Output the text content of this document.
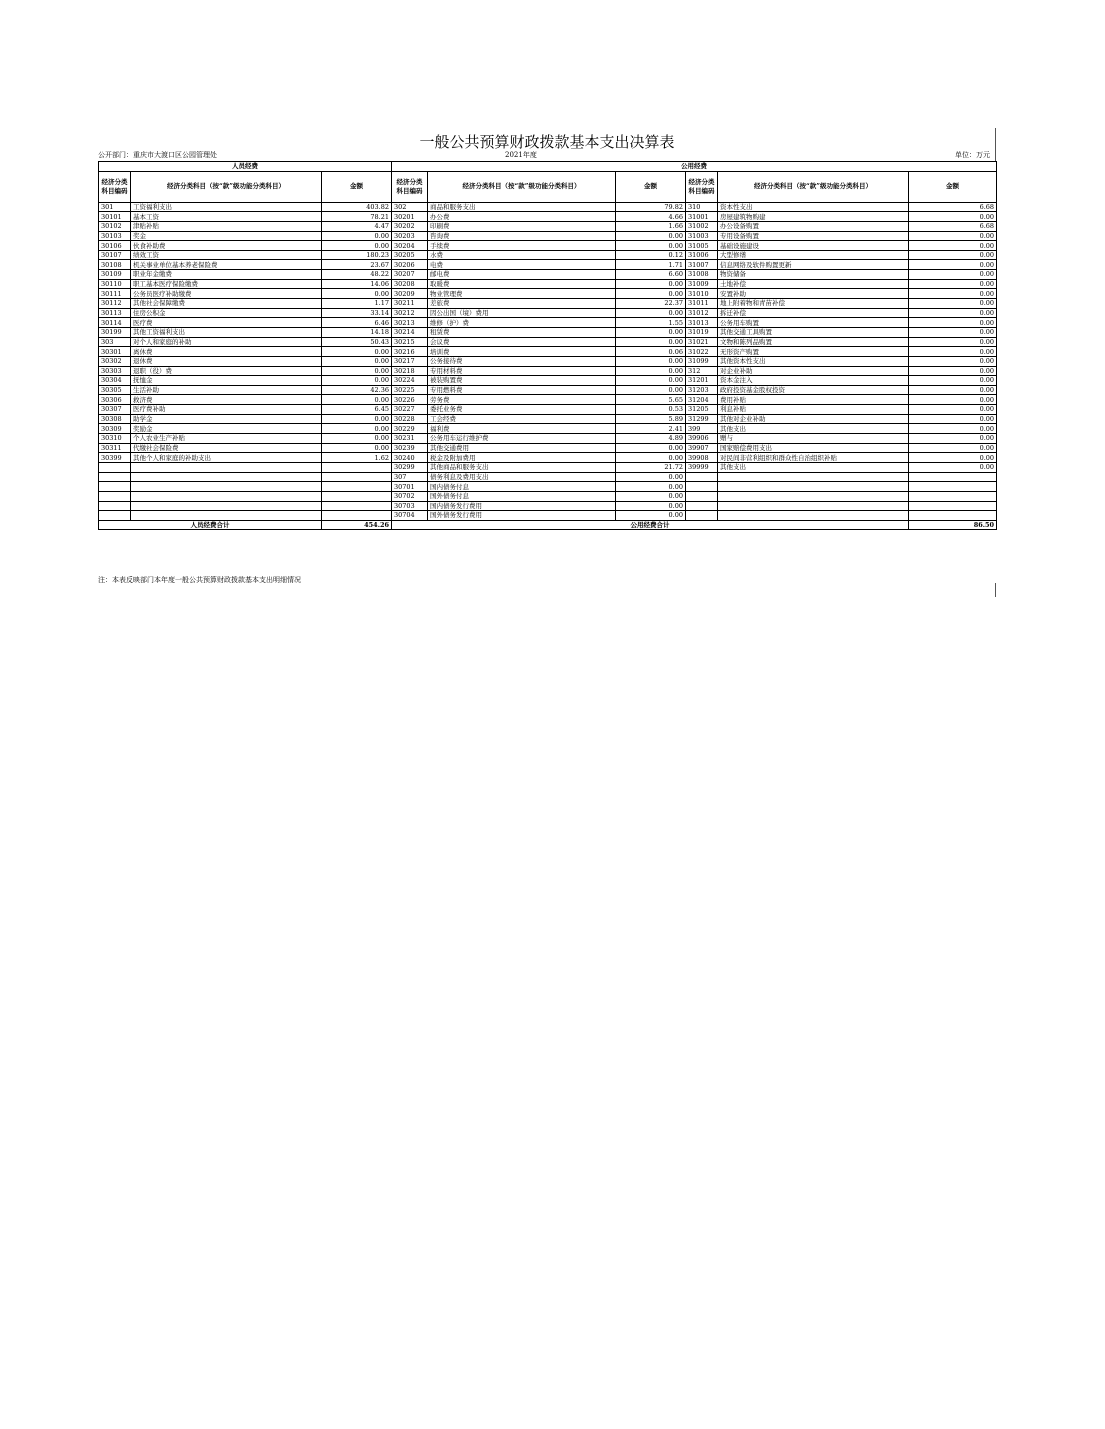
一般公共预算财政拨款基本支出决算表
公开部门：重庆市大渡口区公园管理处	2021年度	单位：万元
人员经费			公用经费					
经济分类科目编码	经济分类科目（按“款”级功能分类科目）	金额	经济分类科目编码	经济分类科目（按“款”级功能分类科目）	金额	经济分类科目编码	经济分类科目（按“款”级功能分类科目）	金额
301	工资福利支出	403.82	302	商品和服务支出	79.82	310	资本性支出	6.68
30101	基本工资	78.21	30201	办公费	4.66	31001	房屋建筑物购建	0.00
30102	津贴补贴	4.47	30202	印刷费	1.66	31002	办公设备购置	6.68
30103	奖金	0.00	30203	咨询费	0.00	31003	专用设备购置	0.00
30106	伙食补助费	0.00	30204	手续费	0.00	31005	基础设施建设	0.00
30107	绩效工资	180.23	30205	水费	0.12	31006	大型修缮	0.00
30108	机关事业单位基本养老保险费	23.67	30206	电费	1.71	31007	信息网络及软件购置更新	0.00
30109	职业年金缴费	48.22	30207	邮电费	6.60	31008	物资储备	0.00
30110	职工基本医疗保险缴费	14.06	30208	取暖费	0.00	31009	土地补偿	0.00
30111	公务员医疗补助缴费	0.00	30209	物业管理费	0.00	31010	安置补助	0.00
30112	其他社会保障缴费	1.17	30211	差旅费	22.37	31011	地上附着物和青苗补偿	0.00
30113	住房公积金	33.14	30212	因公出国（境）费用	0.00	31012	拆迁补偿	0.00
30114	医疗费	6.46	30213	维修（护）费	1.55	31013	公务用车购置	0.00
30199	其他工资福利支出	14.18	30214	租赁费	0.00	31019	其他交通工具购置	0.00
303	对个人和家庭的补助	50.43	30215	会议费	0.00	31021	文物和陈列品购置	0.00
30301	离休费	0.00	30216	培训费	0.06	31022	无形资产购置	0.00
30302	退休费	0.00	30217	公务接待费	0.00	31099	其他资本性支出	0.00
30303	退职（役）费	0.00	30218	专用材料费	0.00	312	对企业补助	0.00
30304	抚恤金	0.00	30224	被装购置费	0.00	31201	资本金注入	0.00
30305	生活补助	42.36	30225	专用燃料费	0.00	31203	政府投资基金股权投资	0.00
30306	救济费	0.00	30226	劳务费	5.65	31204	费用补贴	0.00
30307	医疗费补助	6.45	30227	委托业务费	0.53	31205	利息补贴	0.00
30308	助学金	0.00	30228	工会经费	5.89	31299	其他对企业补助	0.00
30309	奖励金	0.00	30229	福利费	2.41	399	其他支出	0.00
30310	个人农业生产补贴	0.00	30231	公务用车运行维护费	4.89	39906	赠与	0.00
30311	代缴社会保险费	0.00	30239	其他交通费用	0.00	39907	国家赔偿费用支出	0.00
30399	其他个人和家庭的补助支出	1.62	30240	税金及附加费用	0.00	39908	对民间非营利组织和群众性自治组织补贴	0.00
			30299	其他商品和服务支出	21.72	39999	其他支出	0.00
			307	债务利息及费用支出	0.00			
			30701	国内债务付息	0.00			
			30702	国外债务付息	0.00			
			30703	国内债务发行费用	0.00			
			30704	国外债务发行费用	0.00			
人员经费合计		454.26	公用经费合计					86.50
注：本表反映部门本年度一般公共预算财政拨款基本支出明细情况
